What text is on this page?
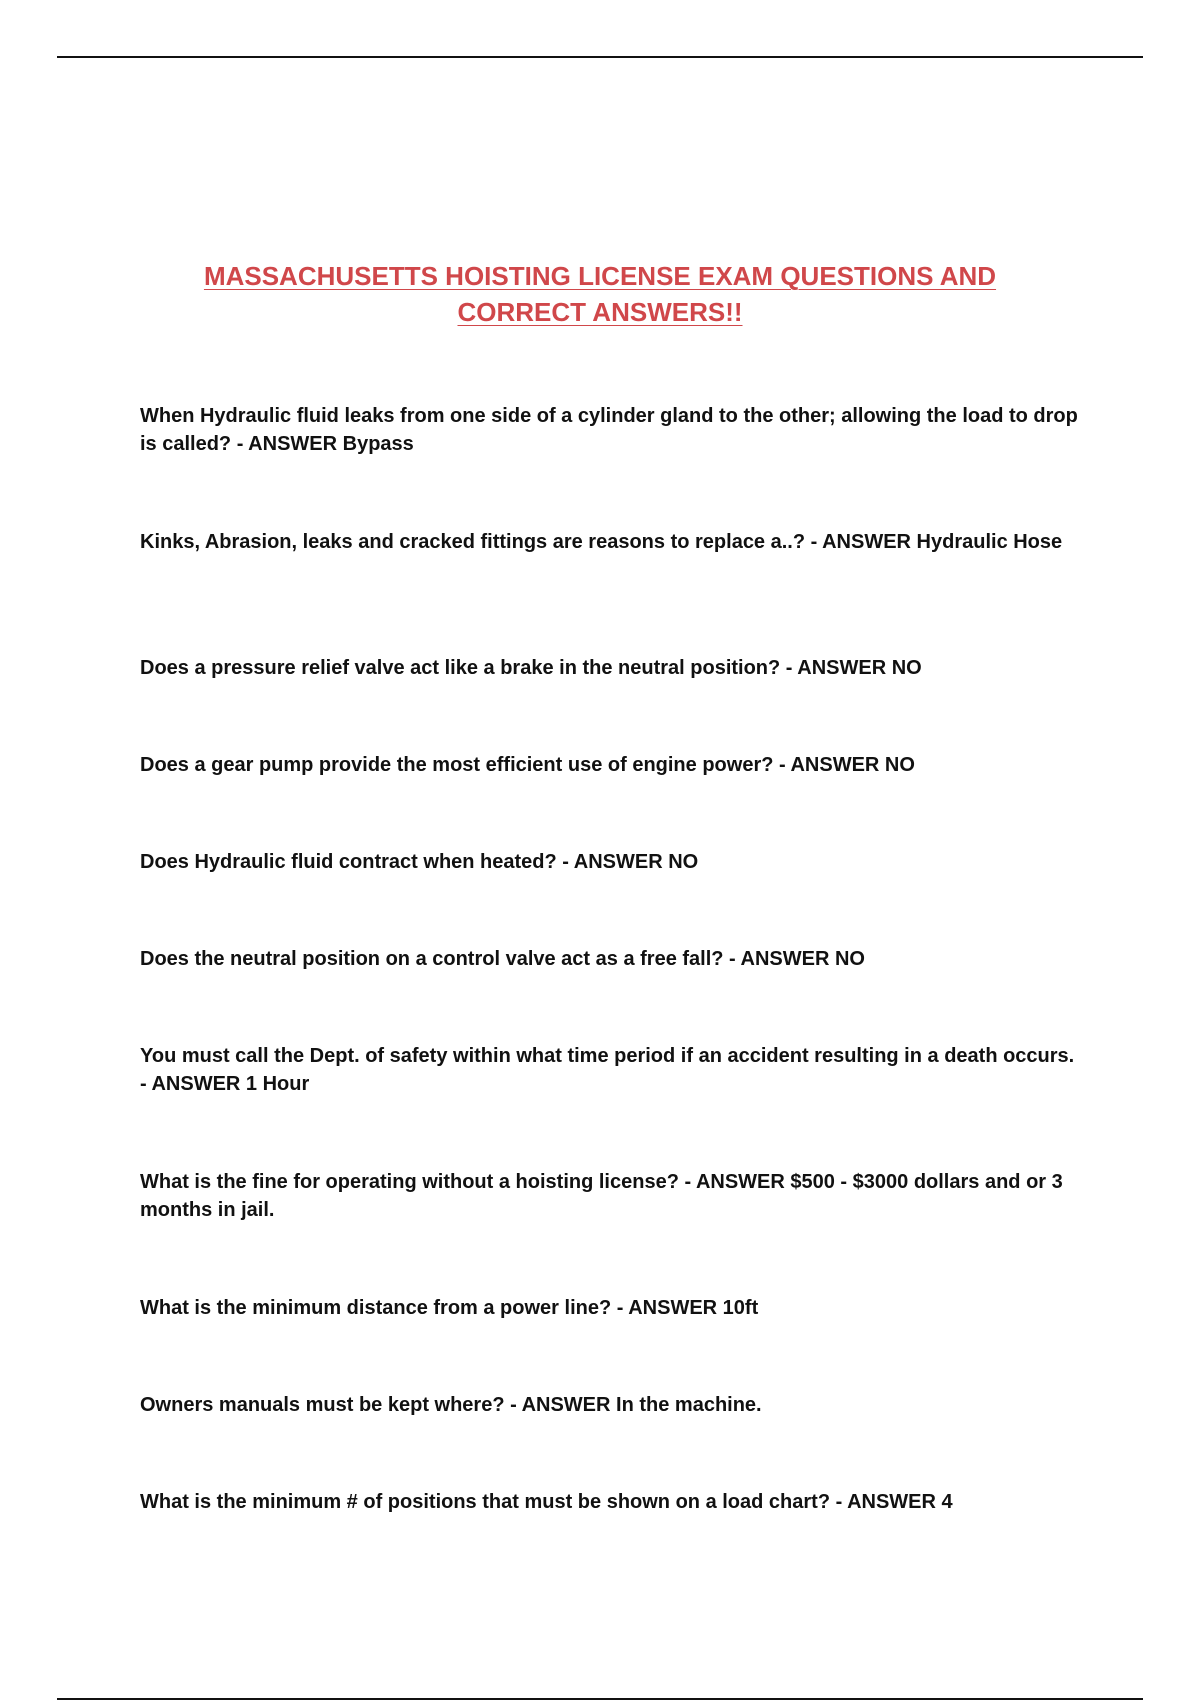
MASSACHUSETTS HOISTING LICENSE EXAM QUESTIONS AND CORRECT ANSWERS!!
When Hydraulic fluid leaks from one side of a cylinder gland to the other; allowing the load to drop is called? - ANSWER Bypass
Kinks, Abrasion, leaks and cracked fittings are reasons to replace a..? - ANSWER Hydraulic Hose
Does a pressure relief valve act like a brake in the neutral position? - ANSWER NO
Does a gear pump provide the most efficient use of engine power? - ANSWER NO
Does Hydraulic fluid contract when heated? - ANSWER NO
Does the neutral position on a control valve act as a free fall? - ANSWER NO
You must call the Dept. of safety within what time period if an accident resulting in a death occurs. - ANSWER 1 Hour
What is the fine for operating without a hoisting license? - ANSWER $500 - $3000 dollars and or 3 months in jail.
What is the minimum distance from a power line? - ANSWER 10ft
Owners manuals must be kept where? - ANSWER In the machine.
What is the minimum # of positions that must be shown on a load chart? - ANSWER 4
